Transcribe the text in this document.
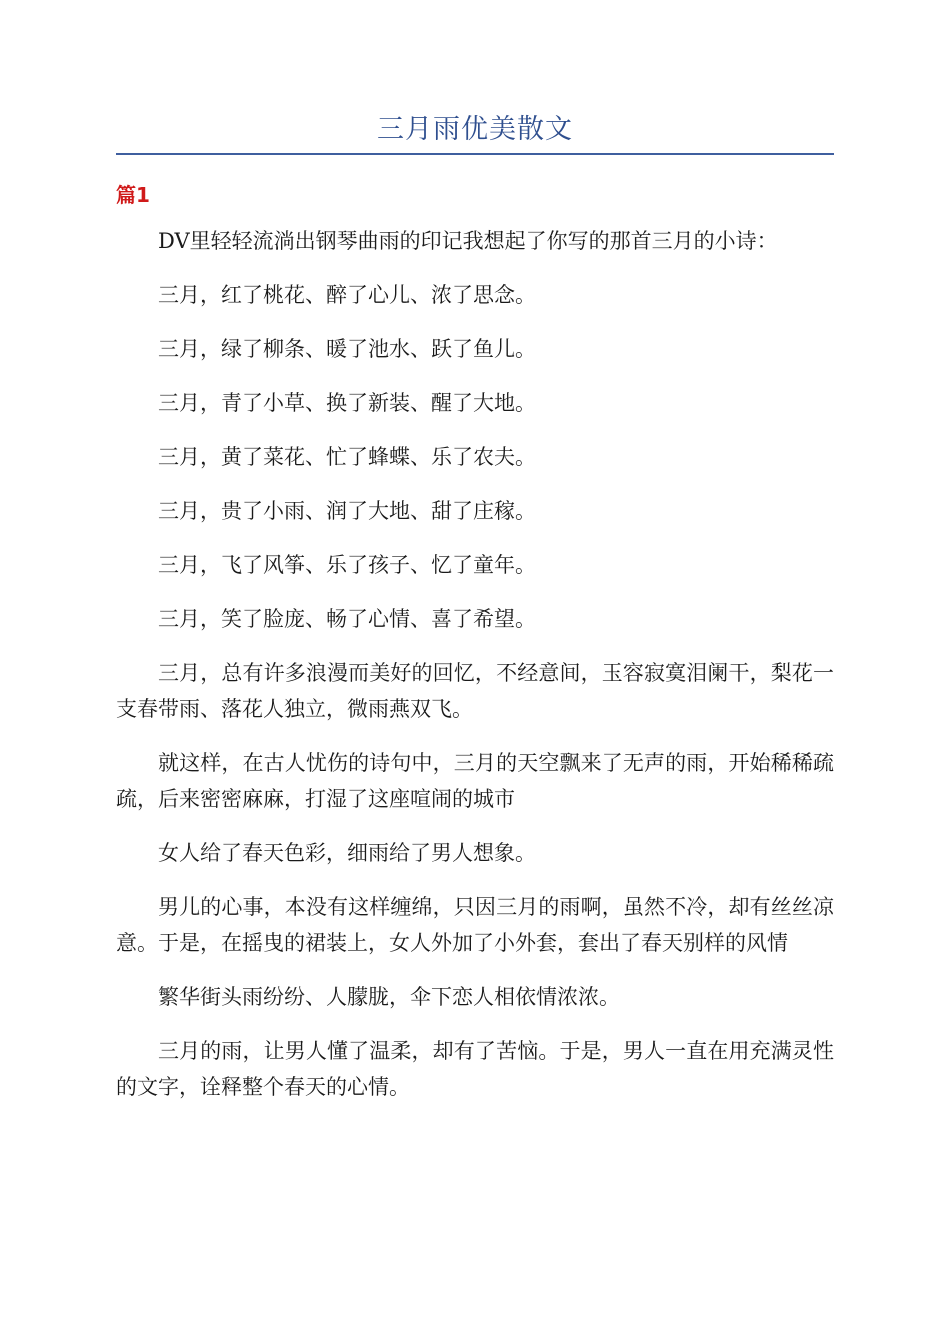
三月雨优美散文
篇1

DV里轻轻流淌出钢琴曲雨的印记我想起了你写的那首三月的小诗：

三月，红了桃花、醉了心儿、浓了思念。

三月，绿了柳条、暖了池水、跃了鱼儿。

三月，青了小草、换了新装、醒了大地。

三月，黄了菜花、忙了蜂蝶、乐了农夫。

三月，贵了小雨、润了大地、甜了庄稼。

三月，飞了风筝、乐了孩子、忆了童年。

三月，笑了脸庞、畅了心情、喜了希望。

三月，总有许多浪漫而美好的回忆，不经意间，玉容寂寞泪阑干，梨花一支春带雨、落花人独立，微雨燕双飞。

就这样，在古人忧伤的诗句中，三月的天空飘来了无声的雨，开始稀稀疏疏，后来密密麻麻，打湿了这座喧闹的城市

女人给了春天色彩，细雨给了男人想象。

男儿的心事，本没有这样缠绵，只因三月的雨啊，虽然不冷，却有丝丝凉意。于是，在摇曳的裙装上，女人外加了小外套，套出了春天别样的风情

繁华街头雨纷纷、人朦胧，伞下恋人相依情浓浓。

三月的雨，让男人懂了温柔，却有了苦恼。于是，男人一直在用充满灵性的文字，诠释整个春天的心情。
